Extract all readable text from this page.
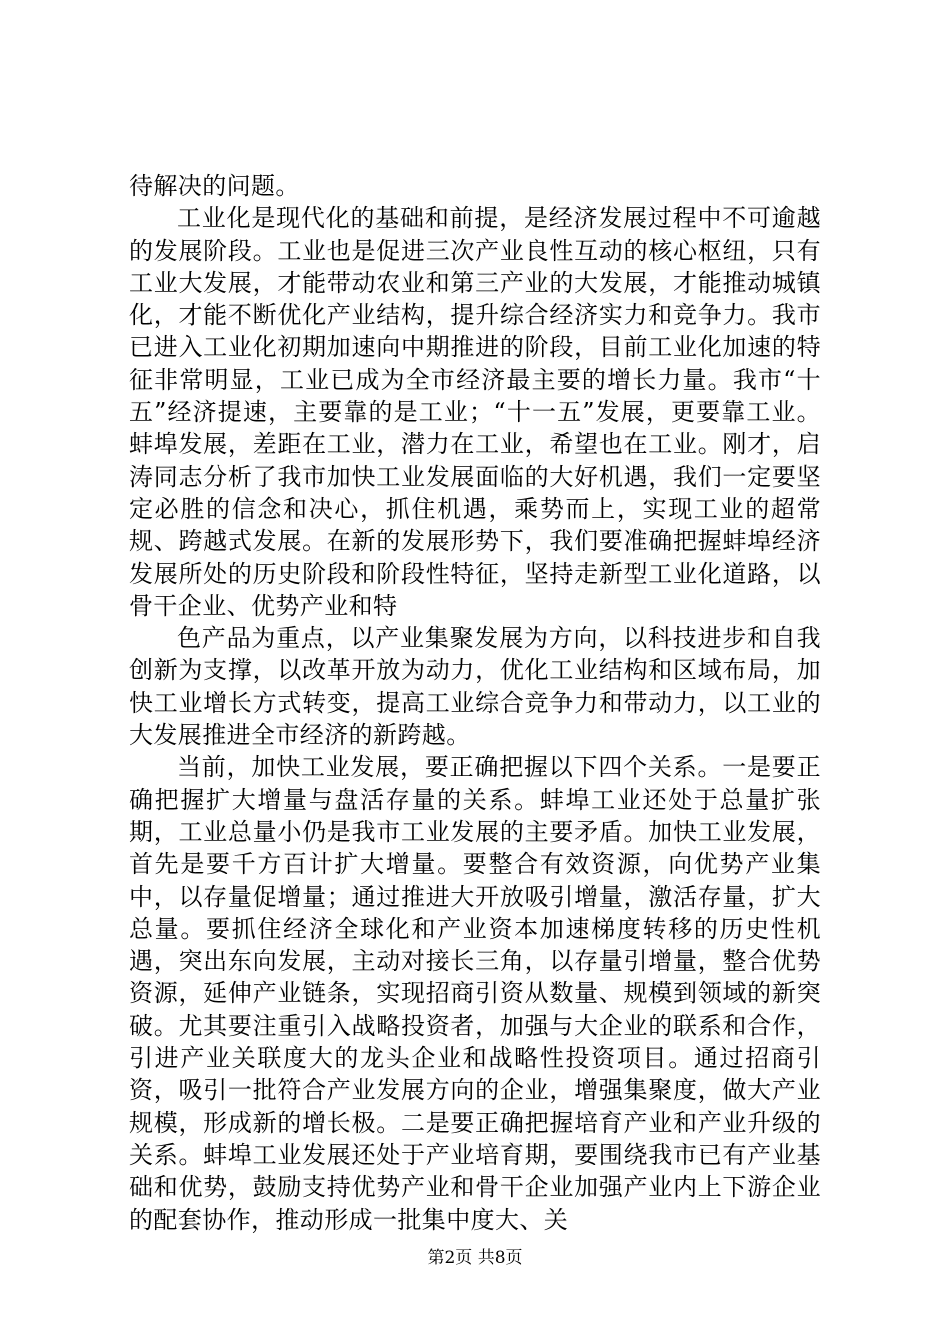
待解决的问题。

工业化是现代化的基础和前提，是经济发展过程中不可逾越的发展阶段。工业也是促进三次产业良性互动的核心枢纽，只有工业大发展，才能带动农业和第三产业的大发展，才能推动城镇化，才能不断优化产业结构，提升综合经济实力和竞争力。我市已进入工业化初期加速向中期推进的阶段，目前工业化加速的特征非常明显，工业已成为全市经济最主要的增长力量。我市“十五”经济提速，主要靠的是工业；“十一五”发展，更要靠工业。蚌埠发展，差距在工业，潜力在工业，希望也在工业。刚才，启涛同志分析了我市加快工业发展面临的大好机遇，我们一定要坚定必胜的信念和决心，抓住机遇，乘势而上，实现工业的超常规、跨越式发展。在新的发展形势下，我们要准确把握蚌埠经济发展所处的历史阶段和阶段性特征，坚持走新型工业化道路，以骨干企业、优势产业和特

色产品为重点，以产业集聚发展为方向，以科技进步和自我创新为支撑，以改革开放为动力，优化工业结构和区域布局，加快工业增长方式转变，提高工业综合竞争力和带动力，以工业的大发展推进全市经济的新跨越。

当前，加快工业发展，要正确把握以下四个关系。一是要正确把握扩大增量与盘活存量的关系。蚌埠工业还处于总量扩张期，工业总量小仍是我市工业发展的主要矛盾。加快工业发展，首先是要千方百计扩大增量。要整合有效资源，向优势产业集中，以存量促增量；通过推进大开放吸引增量，激活存量，扩大总量。要抓住经济全球化和产业资本加速梯度转移的历史性机遇，突出东向发展，主动对接长三角，以存量引增量，整合优势资源，延伸产业链条，实现招商引资从数量、规模到领域的新突破。尤其要注重引入战略投资者，加强与大企业的联系和合作，引进产业关联度大的龙头企业和战略性投资项目。通过招商引资，吸引一批符合产业发展方向的企业，增强集聚度，做大产业规模，形成新的增长极。二是要正确把握培育产业和产业升级的关系。蚌埠工业发展还处于产业培育期，要围绕我市已有产业基础和优势，鼓励支持优势产业和骨干企业加强产业内上下游企业的配套协作，推动形成一批集中度大、关

第2页 共8页
